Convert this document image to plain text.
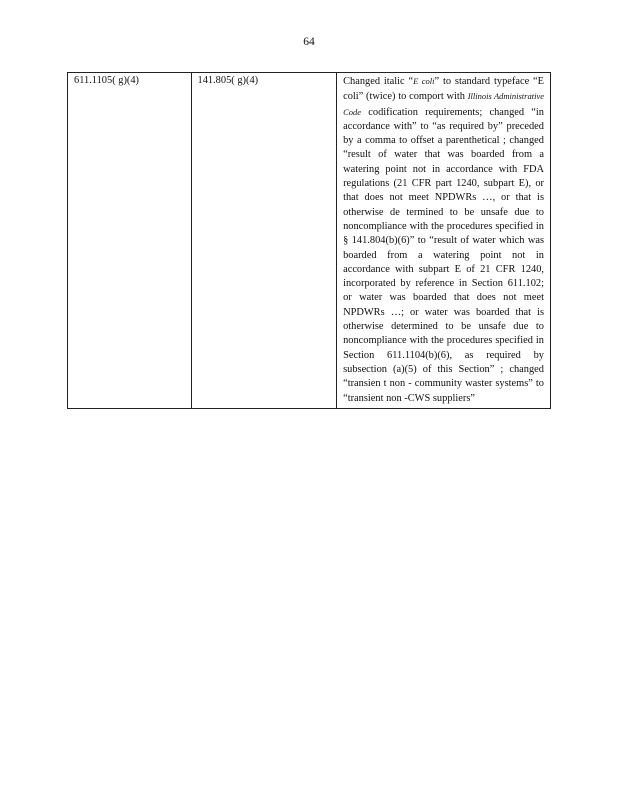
64
611.1105( g)(4)	141.805( g)(4)	Changed italic “E coli” to standard typeface “E coli” (twice) to comport with Illinois Administrative Code codification requirements; changed “in accordance with” to “as required by” preceded by a comma to offset a parenthetical ; changed “result of water that was boarded from a watering point not in accordance with FDA regulations (21 CFR part 1240, subpart E), or that does not meet NPDWRs …, or that is otherwise de termined to be unsafe due to noncompliance with the procedures specified in § 141.804(b)(6)” to “result of water which was boarded from a watering point not in accordance with subpart E of 21 CFR 1240, incorporated by reference in Section 611.102; or water was boarded that does not meet NPDWRs …; or water was boarded that is otherwise determined to be unsafe due to noncompliance with the procedures specified in Section 611.1104(b)(6), as required by subsection (a)(5) of this Section” ; changed “transien t non - community waster systems” to “transient non -CWS suppliers”
